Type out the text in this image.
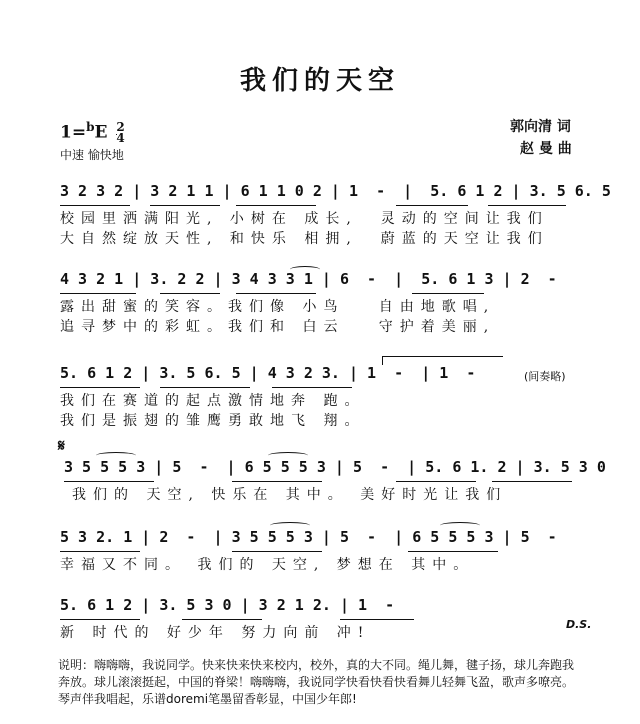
我们的天空
$1=^bE \frac{2}{4}$
中速 愉快地
郭向清 词
赵 曼 曲
3 2 3 2 | 3 2 1 1 | 6 1 1 0 2 | 1  -  |  5. 6 1 2 | 3. 5 6. 5
校园里洒满阳光, 小树在 成长,  灵动的空间让我们
大自然绽放天性, 和快乐 相拥,  蔚蓝的天空让我们
4 3 2 1 | 3. 2 2 | 3 4 3 3 1 | 6  -  |  5. 6 1 3 | 2  -
露出甜蜜的笑容。我们像 小鸟   自由地歌唱,
追寻梦中的彩虹。我们和 白云   守护着美丽,
5. 6 1 2 | 3. 5 6. 5 | 4 3 2 3. | 1  -  | 1  -	(间奏略)
我们在赛道的起点激情地奔 跑。
我们是振翅的雏鹰勇敢地飞 翔。
𝄋
3 5 5 5 3 | 5  -  | 6 5 5 5 3 | 5  -  | 5. 6 1. 2 | 3. 5 3 0
我们的 天空, 快乐在 其中。 美好时光让我们
5 3 2. 1 | 2  -  | 3 5 5 5 3 | 5  -  | 6 5 5 5 3 | 5  -
幸福又不同。 我们的 天空, 梦想在 其中。
5. 6 1 2 | 3. 5 3 0 | 3 2 1 2. | 1  -
D.S.
新 时代的 好少年 努力向前 冲!
说明：嗨嗨嗨，我说同学。快来快来快来校内，校外，真的大不同。绳儿舞，毽子扬，球儿奔跑我奔放。球儿滚滚挺起，中国的脊梁！嗨嗨嗨，我说同学快看快看快看舞儿轻舞飞盈，歌声多嘹亮。琴声伴我唱起，乐谱doremi笔墨留香彰显，中国少年郎!
